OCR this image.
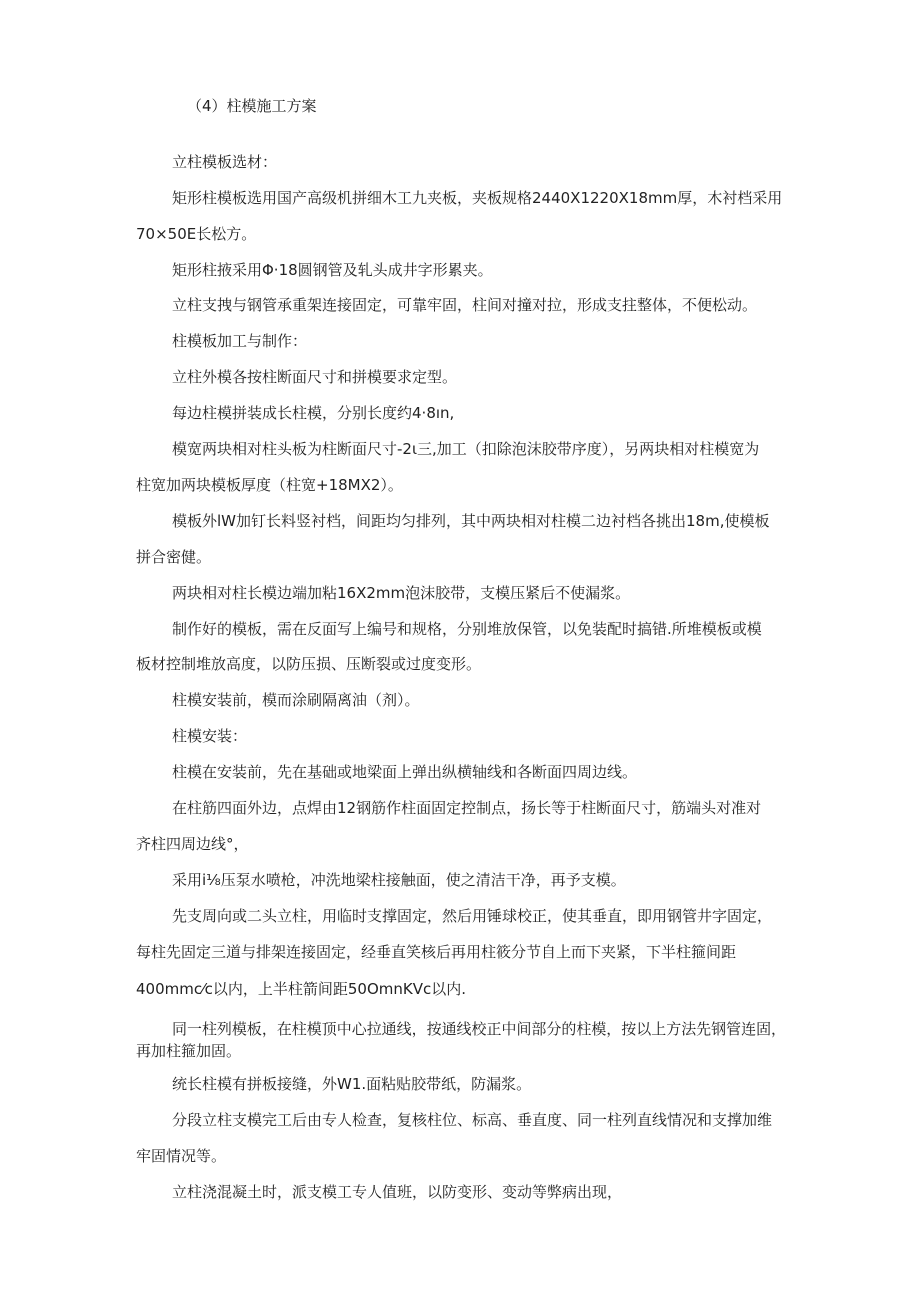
（4）柱模施工方案
立柱模板选材：
矩形柱模板选用国产高级机拼细木工九夹板，夹板规格2440X1220X18mm厚，木衬档采用
70×50E长松方。
矩形柱掖采用Φ·18圆钢管及轧头成井字形累夹。
立柱支拽与钢管承重架连接固定，可靠牢固，柱间对撞对拉，形成支拄整体，不便松动。
柱模板加工与制作：
立柱外模各按柱断面尺寸和拼模要求定型。
每边柱模拼装成长柱模，分别长度约4·8ın,
模宽两块相对柱头板为柱断面尺寸-2ι三,加工（扣除泡沫胶带序度），另两块相对柱模宽为
柱宽加两块模板厚度（柱宽+18MX2）。
模板外lW加钉长料竖衬档，间距均匀排列，其中两块相对柱模二边衬档各挑出18m,使模板
拼合密健。
两块相对柱长模边端加粘16X2mm泡沫胶带，支模压紧后不使漏浆。
制作好的模板，需在反面写上编号和规格，分别堆放保管，以免装配时搞错.所堆模板或模
板材控制堆放高度，以防压损、压断裂或过度变形。
柱模安装前，模而涂刷隔离油（剂）。
柱模安装：
柱模在安装前，先在基础或地梁面上弹出纵横轴线和各断面四周边线。
在柱筋四面外边，点焊由12钢筋作柱面固定控制点，扬长等于柱断面尺寸，筋端头对准对
齐柱四周边线°，
采用i⅛压泵水喷枪，冲洗地梁柱接触面，使之清洁干净，再予支模。
先支周向或二头立柱，用临时支撑固定，然后用锤球校正，使其垂直，即用钢管井字固定，
每柱先固定三道与排架连接固定，经垂直笑核后再用柱筱分节自上而下夹紧，下半柱箍间距
400mmc⁄c以内，上半柱箭间距50OmnKVc以内.
同一柱列模板，在柱模顶中心拉通线，按通线校正中间部分的柱模，按以上方法先钢管连固，
再加柱箍加固。
统长柱模有拼板接缝，外W1.面粘贴胶带纸，防漏浆。
分段立柱支模完工后由专人检查，复核柱位、标高、垂直度、同一柱列直线情况和支撑加维
牢固情况等。
立柱浇混凝土时，派支模工专人值班，以防变形、变动等弊病出现，
